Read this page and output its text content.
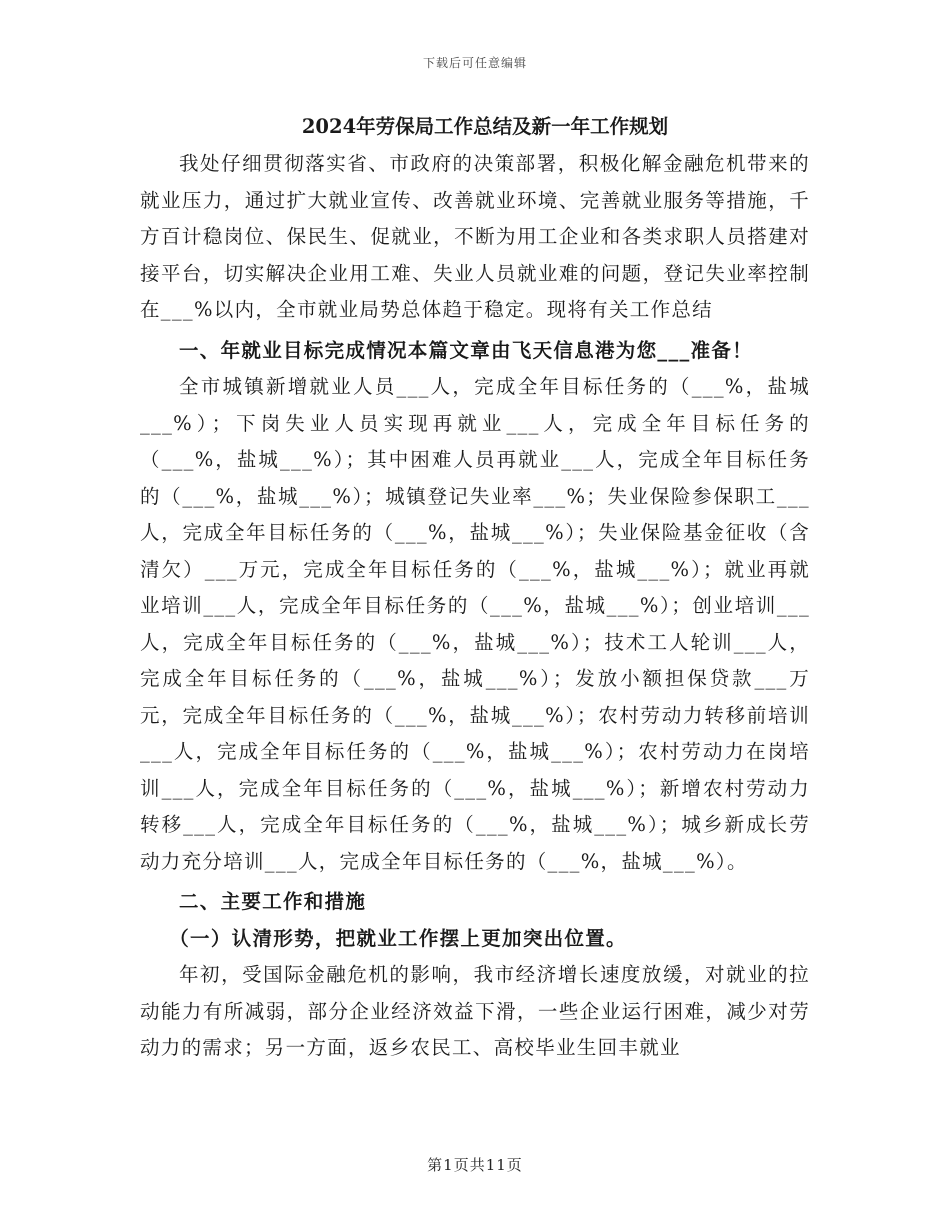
下载后可任意编辑
2024年劳保局工作总结及新一年工作规划

我处仔细贯彻落实省、市政府的决策部署，积极化解金融危机带来的就业压力，通过扩大就业宣传、改善就业环境、完善就业服务等措施，千方百计稳岗位、保民生、促就业，不断为用工企业和各类求职人员搭建对接平台，切实解决企业用工难、失业人员就业难的问题，登记失业率控制在___%以内，全市就业局势总体趋于稳定。现将有关工作总结

一、年就业目标完成情况本篇文章由飞天信息港为您___准备！

全市城镇新增就业人员___人，完成全年目标任务的（___%，盐城___%）；下岗失业人员实现再就业___人，完成全年目标任务的（___%，盐城___%）；其中困难人员再就业___人，完成全年目标任务的（___%，盐城___%）；城镇登记失业率___%；失业保险参保职工___人，完成全年目标任务的（___%，盐城___%）；失业保险基金征收（含清欠）___万元，完成全年目标任务的（___%，盐城___%）；就业再就业培训___人，完成全年目标任务的（___%，盐城___%）；创业培训___人，完成全年目标任务的（___%，盐城___%）；技术工人轮训___人，完成全年目标任务的（___%，盐城___%）；发放小额担保贷款___万元，完成全年目标任务的（___%，盐城___%）；农村劳动力转移前培训___人，完成全年目标任务的（___%，盐城___%）；农村劳动力在岗培训___人，完成全年目标任务的（___%，盐城___%）；新增农村劳动力转移___人，完成全年目标任务的（___%，盐城___%）；城乡新成长劳动力充分培训___人，完成全年目标任务的（___%，盐城___%）。

二、主要工作和措施

（一）认清形势，把就业工作摆上更加突出位置。

年初，受国际金融危机的影响，我市经济增长速度放缓，对就业的拉动能力有所减弱，部分企业经济效益下滑，一些企业运行困难，减少对劳动力的需求；另一方面，返乡农民工、高校毕业生回丰就业

第1页共11页
